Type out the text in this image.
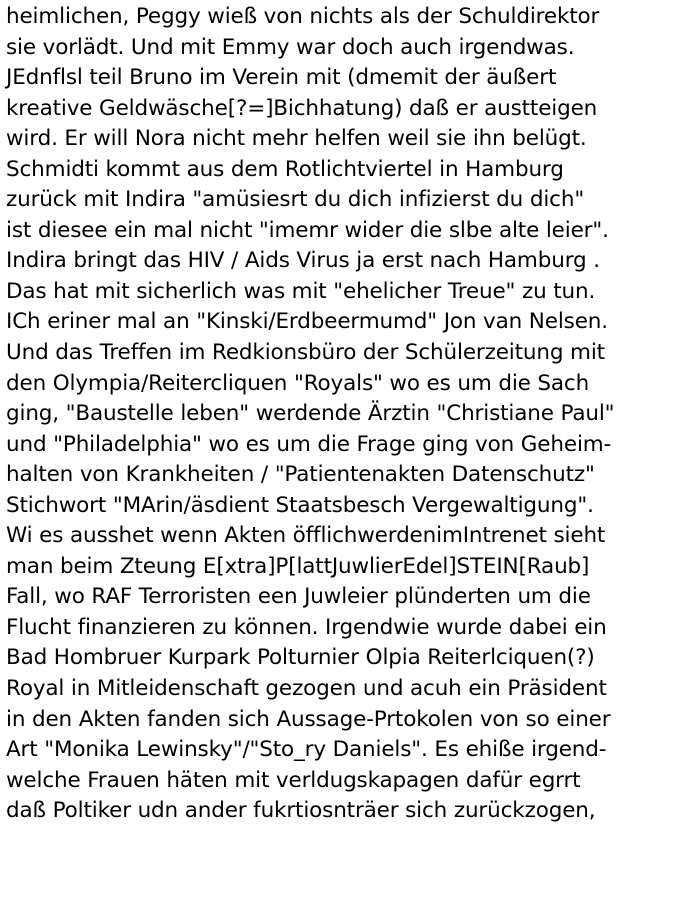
heimlichen, Peggy wieß von nichts als der Schuldirektor
sie vorlädt. Und mit Emmy war doch auch irgendwas.
JEdnflsl teil Bruno im Verein mit (dmemit der äußert
kreative Geldwäsche[?=]Bichhatung) daß er austteigen
wird. Er will Nora nicht mehr helfen weil sie ihn belügt.
Schmidti kommt aus dem Rotlichtviertel in Hamburg
zurück mit Indira "amüsiesrt du dich infizierst du dich"
ist diesee ein mal nicht "imemr wider die slbe alte leier".
Indira bringt das HIV / Aids Virus ja erst nach Hamburg .
Das hat mit sicherlich was mit "ehelicher Treue" zu tun.
ICh eriner mal an "Kinski/Erdbeermumd" Jon van Nelsen.
Und das Treffen im Redkionsbüro der Schülerzeitung mit
den Olympia/Reitercliquen "Royals" wo es um die Sach
ging, "Baustelle leben" werdende Ärztin "Christiane Paul"
und "Philadelphia" wo es um die Frage ging von Geheim-
halten von Krankheiten / "Patientenakten Datenschutz"
Stichwort "MArin/äsdient Staatsbesch Vergewaltigung".
Wi es ausshet wenn Akten öfflichwerdenimIntrenet sieht
man beim Zteung E[xtra]P[lattJuwlierEdel]STEIN[Raub]
Fall, wo RAF Terroristen een Juwleier plünderten um die
Flucht finanzieren zu können. Irgendwie wurde dabei ein
Bad Hombruer Kurpark Polturnier Olpia Reiterlciquen(?)
Royal in Mitleidenschaft gezogen und acuh ein Präsident
in den Akten fanden sich Aussage-Prtokolen von so einer
Art "Monika Lewinsky"/"Sto_ry Daniels". Es ehiße irgend-
welche Frauen häten mit verldugskapagen dafür egrrt
daß Poltiker udn ander fukrtiosnträer sich zurückzogen,
